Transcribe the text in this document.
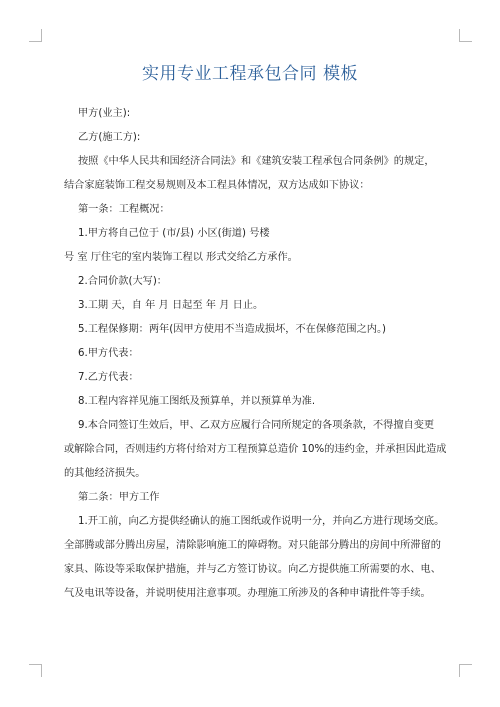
实用专业工程承包合同 模板

甲方(业主):

乙方(施工方):

按照《中华人民共和国经济合同法》和《建筑安装工程承包合同条例》的规定，

结合家庭装饰工程交易规则及本工程具体情况，双方达成如下协议：

第一条：工程概况：

1.甲方将自己位于 (市/县) 小区(街道) 号楼

号 室 厅住宅的室内装饰工程以 形式交给乙方承作。

2.合同价款(大写)：

3.工期 天，自 年 月 日起至 年 月 日止。

5.工程保修期：两年(因甲方使用不当造成损坏，不在保修范围之内。)

6.甲方代表：

7.乙方代表：

8.工程内容祥见施工图纸及预算单，并以预算单为准.

9.本合同签订生效后，甲、乙双方应履行合同所规定的各项条款，不得擅自变更

或解除合同，否则违约方将付给对方工程预算总造价 10%的违约金，并承担因此造成

的其他经济损失。

第二条：甲方工作

1.开工前，向乙方提供经确认的施工图纸或作说明一分，并向乙方进行现场交底。

全部腾或部分腾出房屋，清除影响施工的障碍物。对只能部分腾出的房间中所滞留的

家具、陈设等采取保护措施，并与乙方签订协议。向乙方提供施工所需要的水、电、

气及电讯等设备，并说明使用注意事项。办理施工所涉及的各种申请批件等手续。
